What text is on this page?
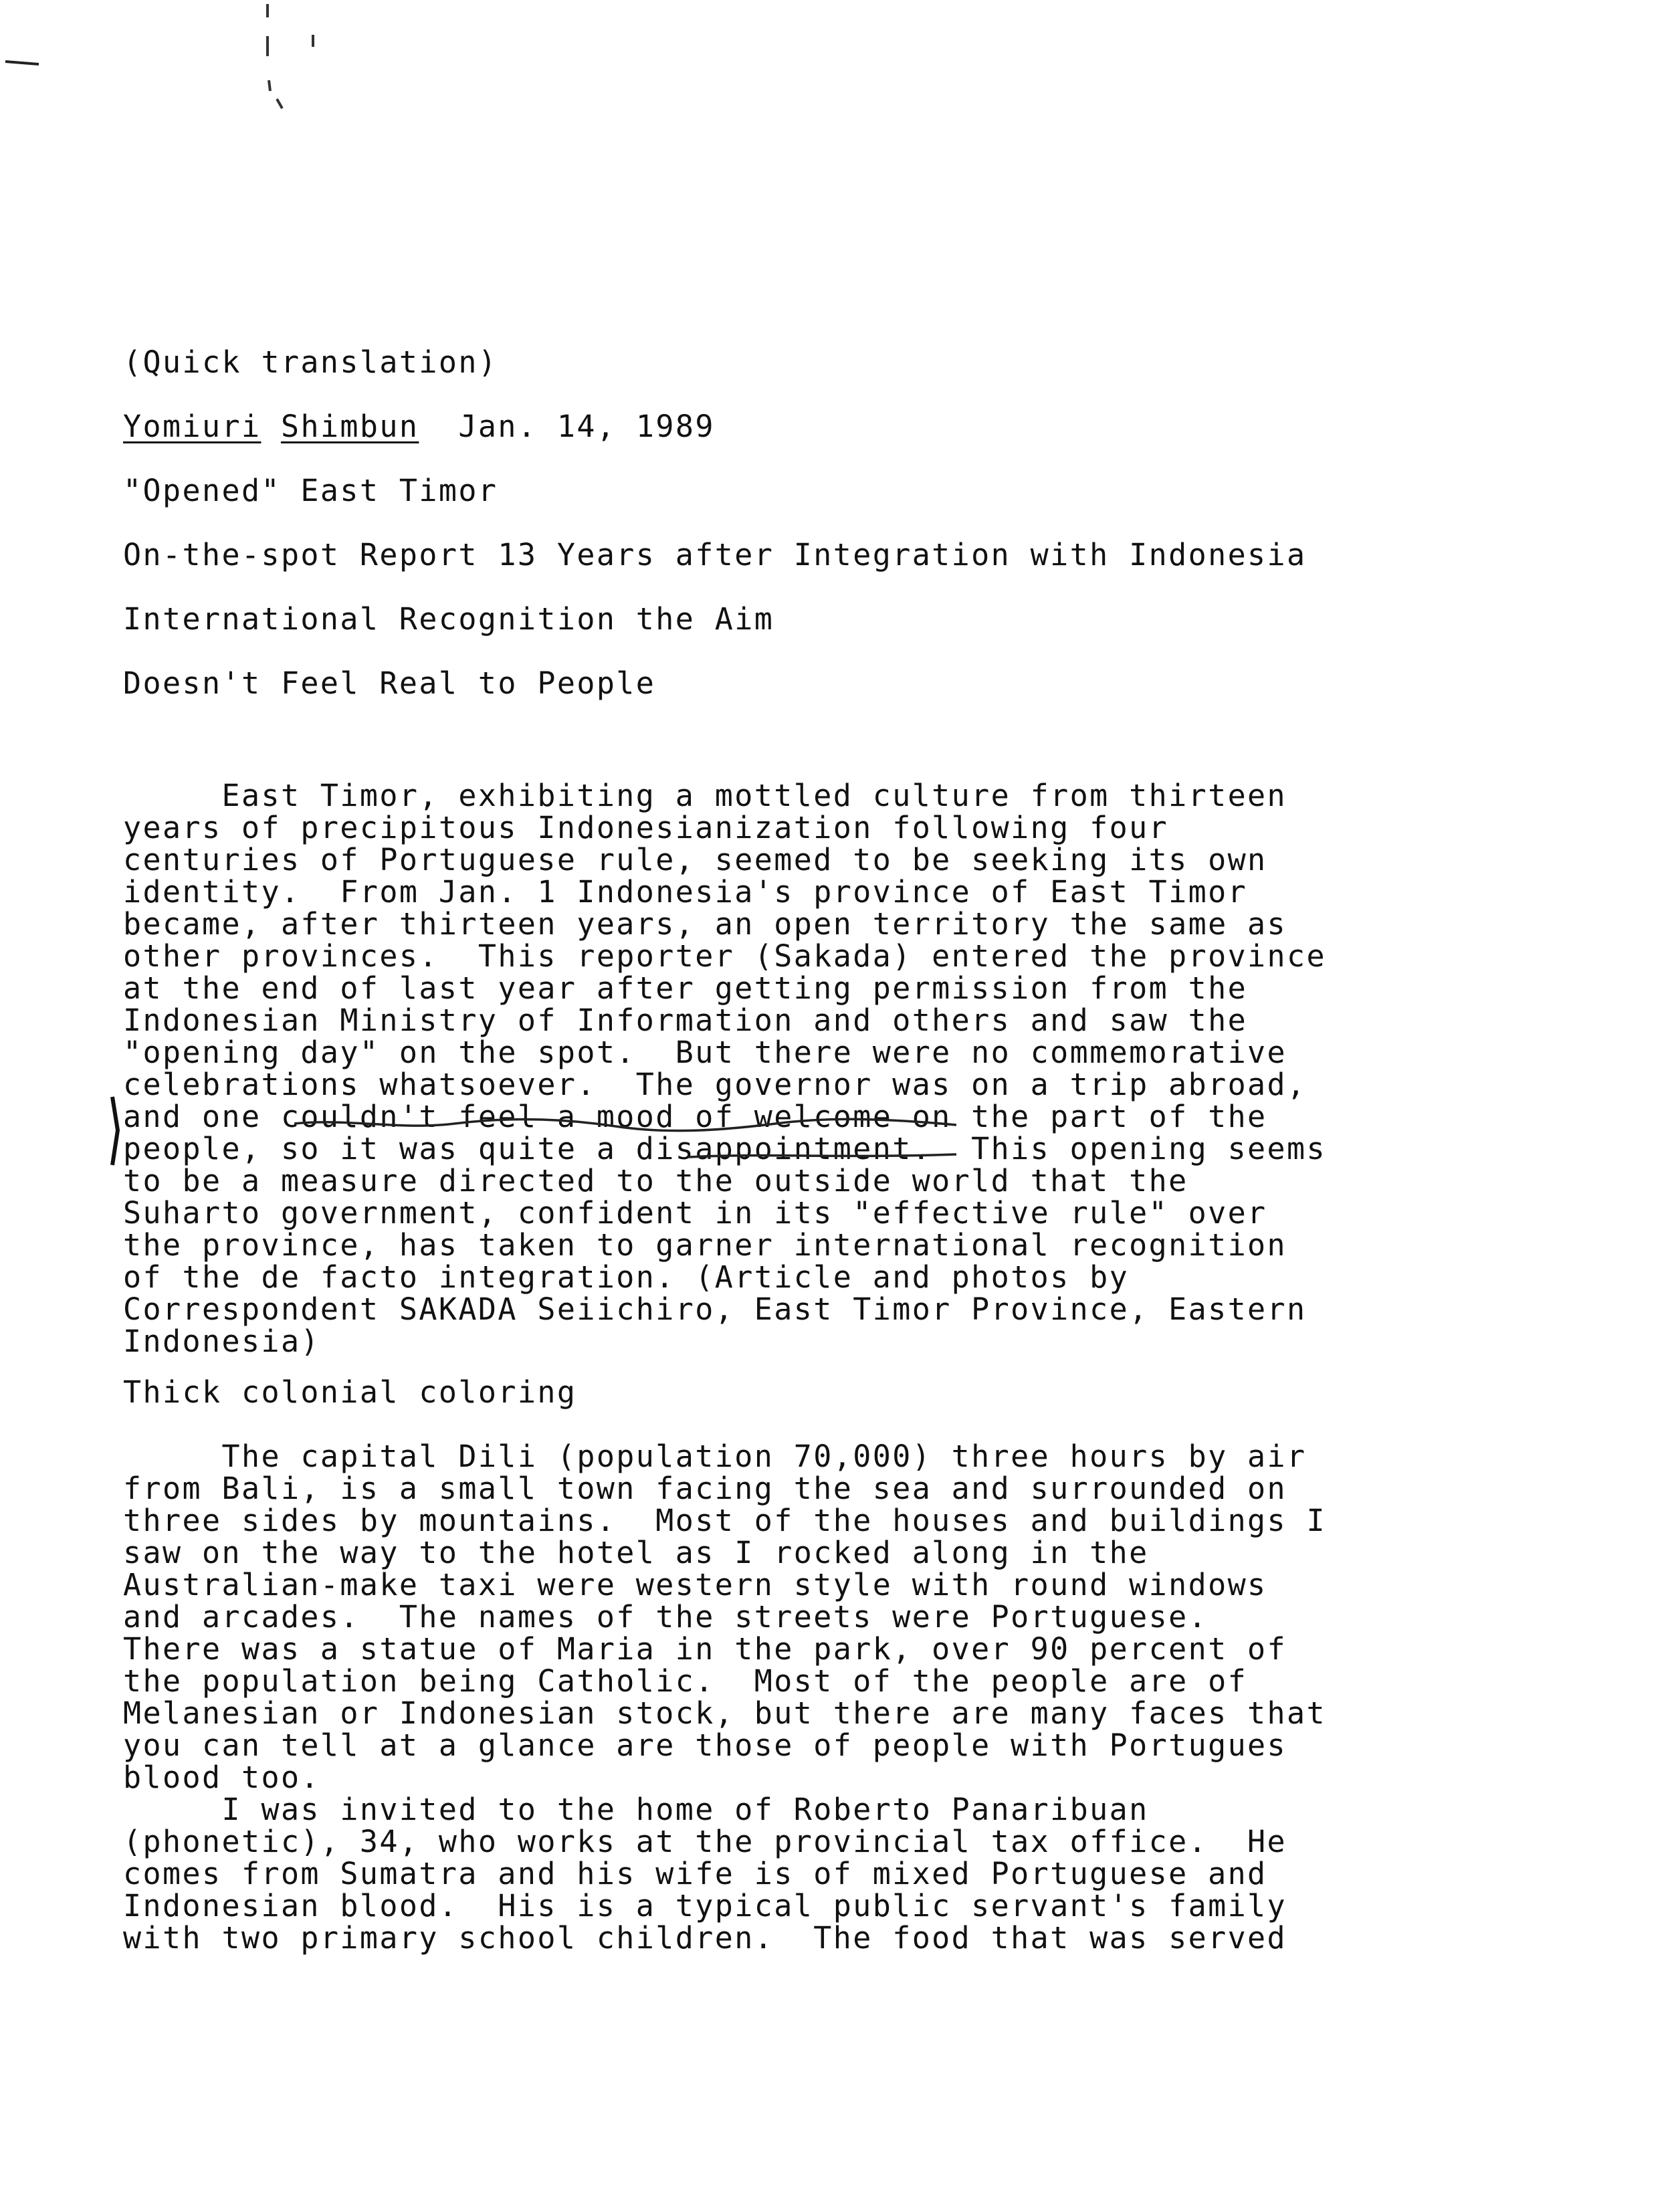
(Quick translation)
Yomiuri Shimbun Jan. 14, 1989
"Opened" East Timor
On-the-spot Report 13 Years after Integration with Indonesia
International Recognition the Aim
Doesn't Feel Real to People
East Timor, exhibiting a mottled culture from thirteen
years of precipitous Indonesianization following four
centuries of Portuguese rule, seemed to be seeking its own
identity.  From Jan. 1 Indonesia's province of East Timor
became, after thirteen years, an open territory the same as
other provinces.  This reporter (Sakada) entered the province
at the end of last year after getting permission from the
Indonesian Ministry of Information and others and saw the
"opening day" on the spot.  But there were no commemorative
celebrations whatsoever.  The governor was on a trip abroad,
and one couldn't feel a mood of welcome on the part of the
people, so it was quite a disappointment.  This opening seems
to be a measure directed to the outside world that the
Suharto government, confident in its "effective rule" over
the province, has taken to garner international recognition
of the de facto integration. (Article and photos by
Correspondent SAKADA Seiichiro, East Timor Province, Eastern
Indonesia)
Thick colonial coloring
The capital Dili (population 70,000) three hours by air
from Bali, is a small town facing the sea and surrounded on
three sides by mountains.  Most of the houses and buildings I
saw on the way to the hotel as I rocked along in the
Australian-make taxi were western style with round windows
and arcades.  The names of the streets were Portuguese.
There was a statue of Maria in the park, over 90 percent of
the population being Catholic.  Most of the people are of
Melanesian or Indonesian stock, but there are many faces that
you can tell at a glance are those of people with Portugues
blood too.
I was invited to the home of Roberto Panaribuan
(phonetic), 34, who works at the provincial tax office.  He
comes from Sumatra and his wife is of mixed Portuguese and
Indonesian blood.  His is a typical public servant's family
with two primary school children.  The food that was served
